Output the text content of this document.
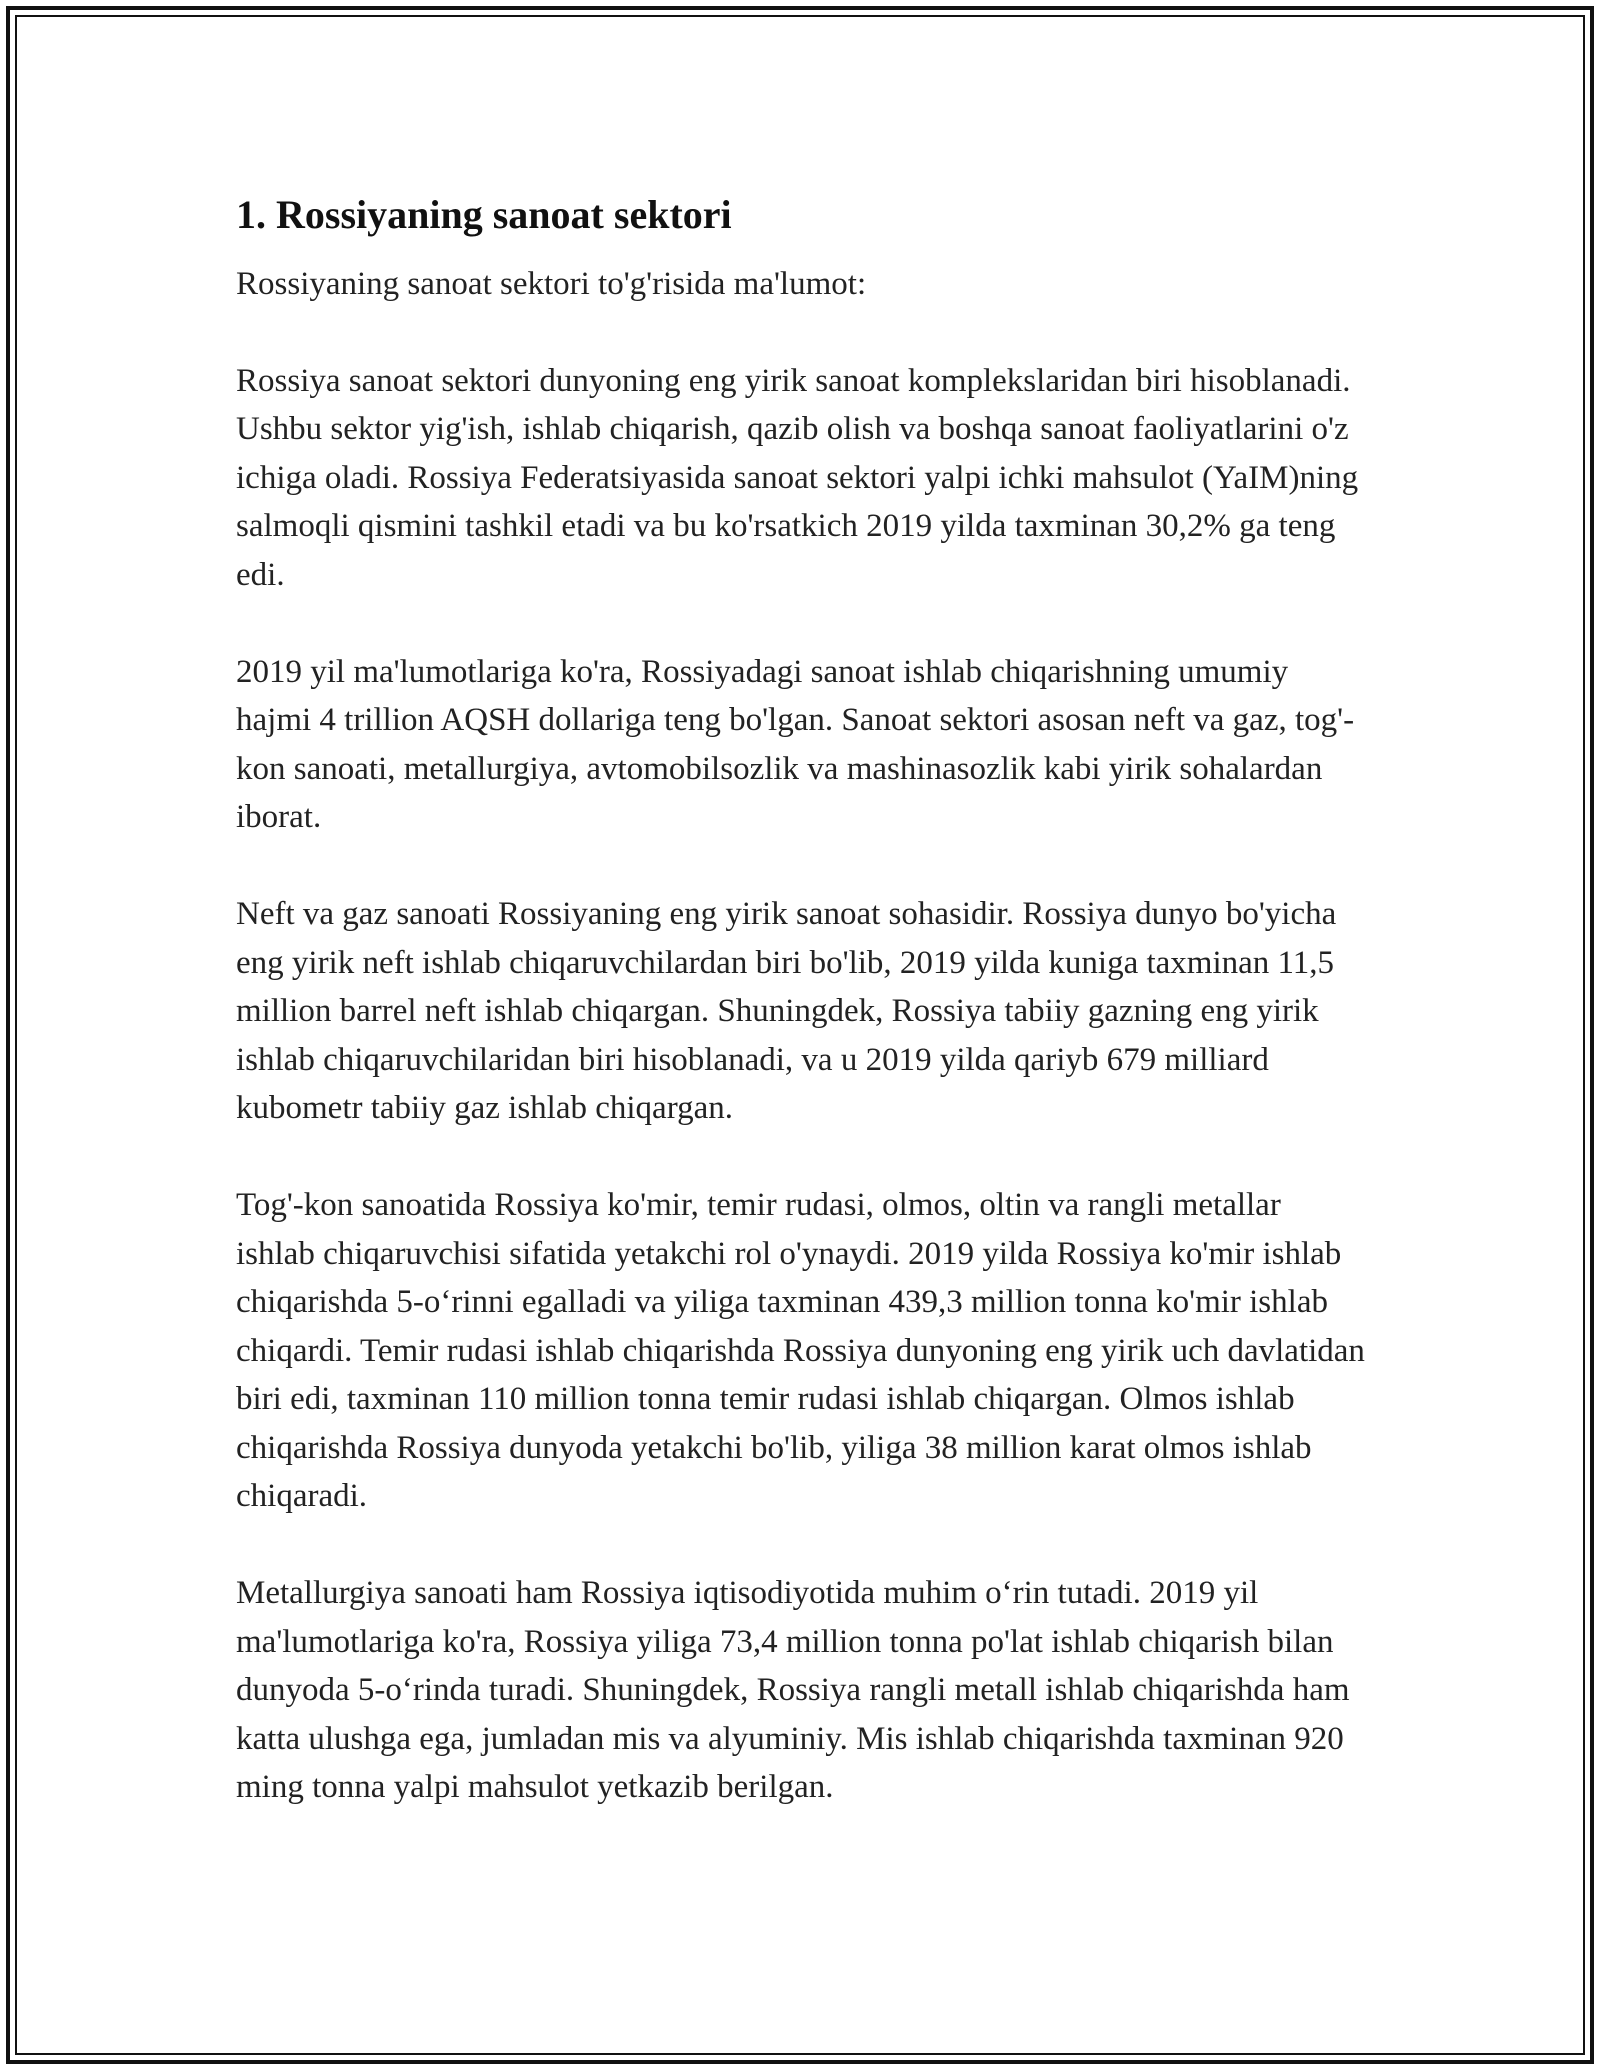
1. Rossiyaning sanoat sektori

Rossiyaning sanoat sektori to'g'risida ma'lumot:

Rossiya sanoat sektori dunyoning eng yirik sanoat komplekslaridan biri hisoblanadi. Ushbu sektor yig'ish, ishlab chiqarish, qazib olish va boshqa sanoat faoliyatlarini o'z ichiga oladi. Rossiya Federatsiyasida sanoat sektori yalpi ichki mahsulot (YaIM)ning salmoqli qismini tashkil etadi va bu ko'rsatkich 2019 yilda taxminan 30,2% ga teng edi.

2019 yil ma'lumotlariga ko'ra, Rossiyadagi sanoat ishlab chiqarishning umumiy hajmi 4 trillion AQSH dollariga teng bo'lgan. Sanoat sektori asosan neft va gaz, tog'-kon sanoati, metallurgiya, avtomobilsozlik va mashinasozlik kabi yirik sohalardan iborat.

Neft va gaz sanoati Rossiyaning eng yirik sanoat sohasidir. Rossiya dunyo bo'yicha eng yirik neft ishlab chiqaruvchilardan biri bo'lib, 2019 yilda kuniga taxminan 11,5 million barrel neft ishlab chiqargan. Shuningdek, Rossiya tabiiy gazning eng yirik ishlab chiqaruvchilaridan biri hisoblanadi, va u 2019 yilda qariyb 679 milliard kubometr tabiiy gaz ishlab chiqargan.

Tog'-kon sanoatida Rossiya ko'mir, temir rudasi, olmos, oltin va rangli metallar ishlab chiqaruvchisi sifatida yetakchi rol o'ynaydi. 2019 yilda Rossiya ko'mir ishlab chiqarishda 5-o‘rinni egalladi va yiliga taxminan 439,3 million tonna ko'mir ishlab chiqardi. Temir rudasi ishlab chiqarishda Rossiya dunyoning eng yirik uch davlatidan biri edi, taxminan 110 million tonna temir rudasi ishlab chiqargan. Olmos ishlab chiqarishda Rossiya dunyoda yetakchi bo'lib, yiliga 38 million karat olmos ishlab chiqaradi.

Metallurgiya sanoati ham Rossiya iqtisodiyotida muhim o‘rin tutadi. 2019 yil ma'lumotlariga ko'ra, Rossiya yiliga 73,4 million tonna po'lat ishlab chiqarish bilan dunyoda 5-o‘rinda turadi. Shuningdek, Rossiya rangli metall ishlab chiqarishda ham katta ulushga ega, jumladan mis va alyuminiy. Mis ishlab chiqarishda taxminan 920 ming tonna yalpi mahsulot yetkazib berilgan.
